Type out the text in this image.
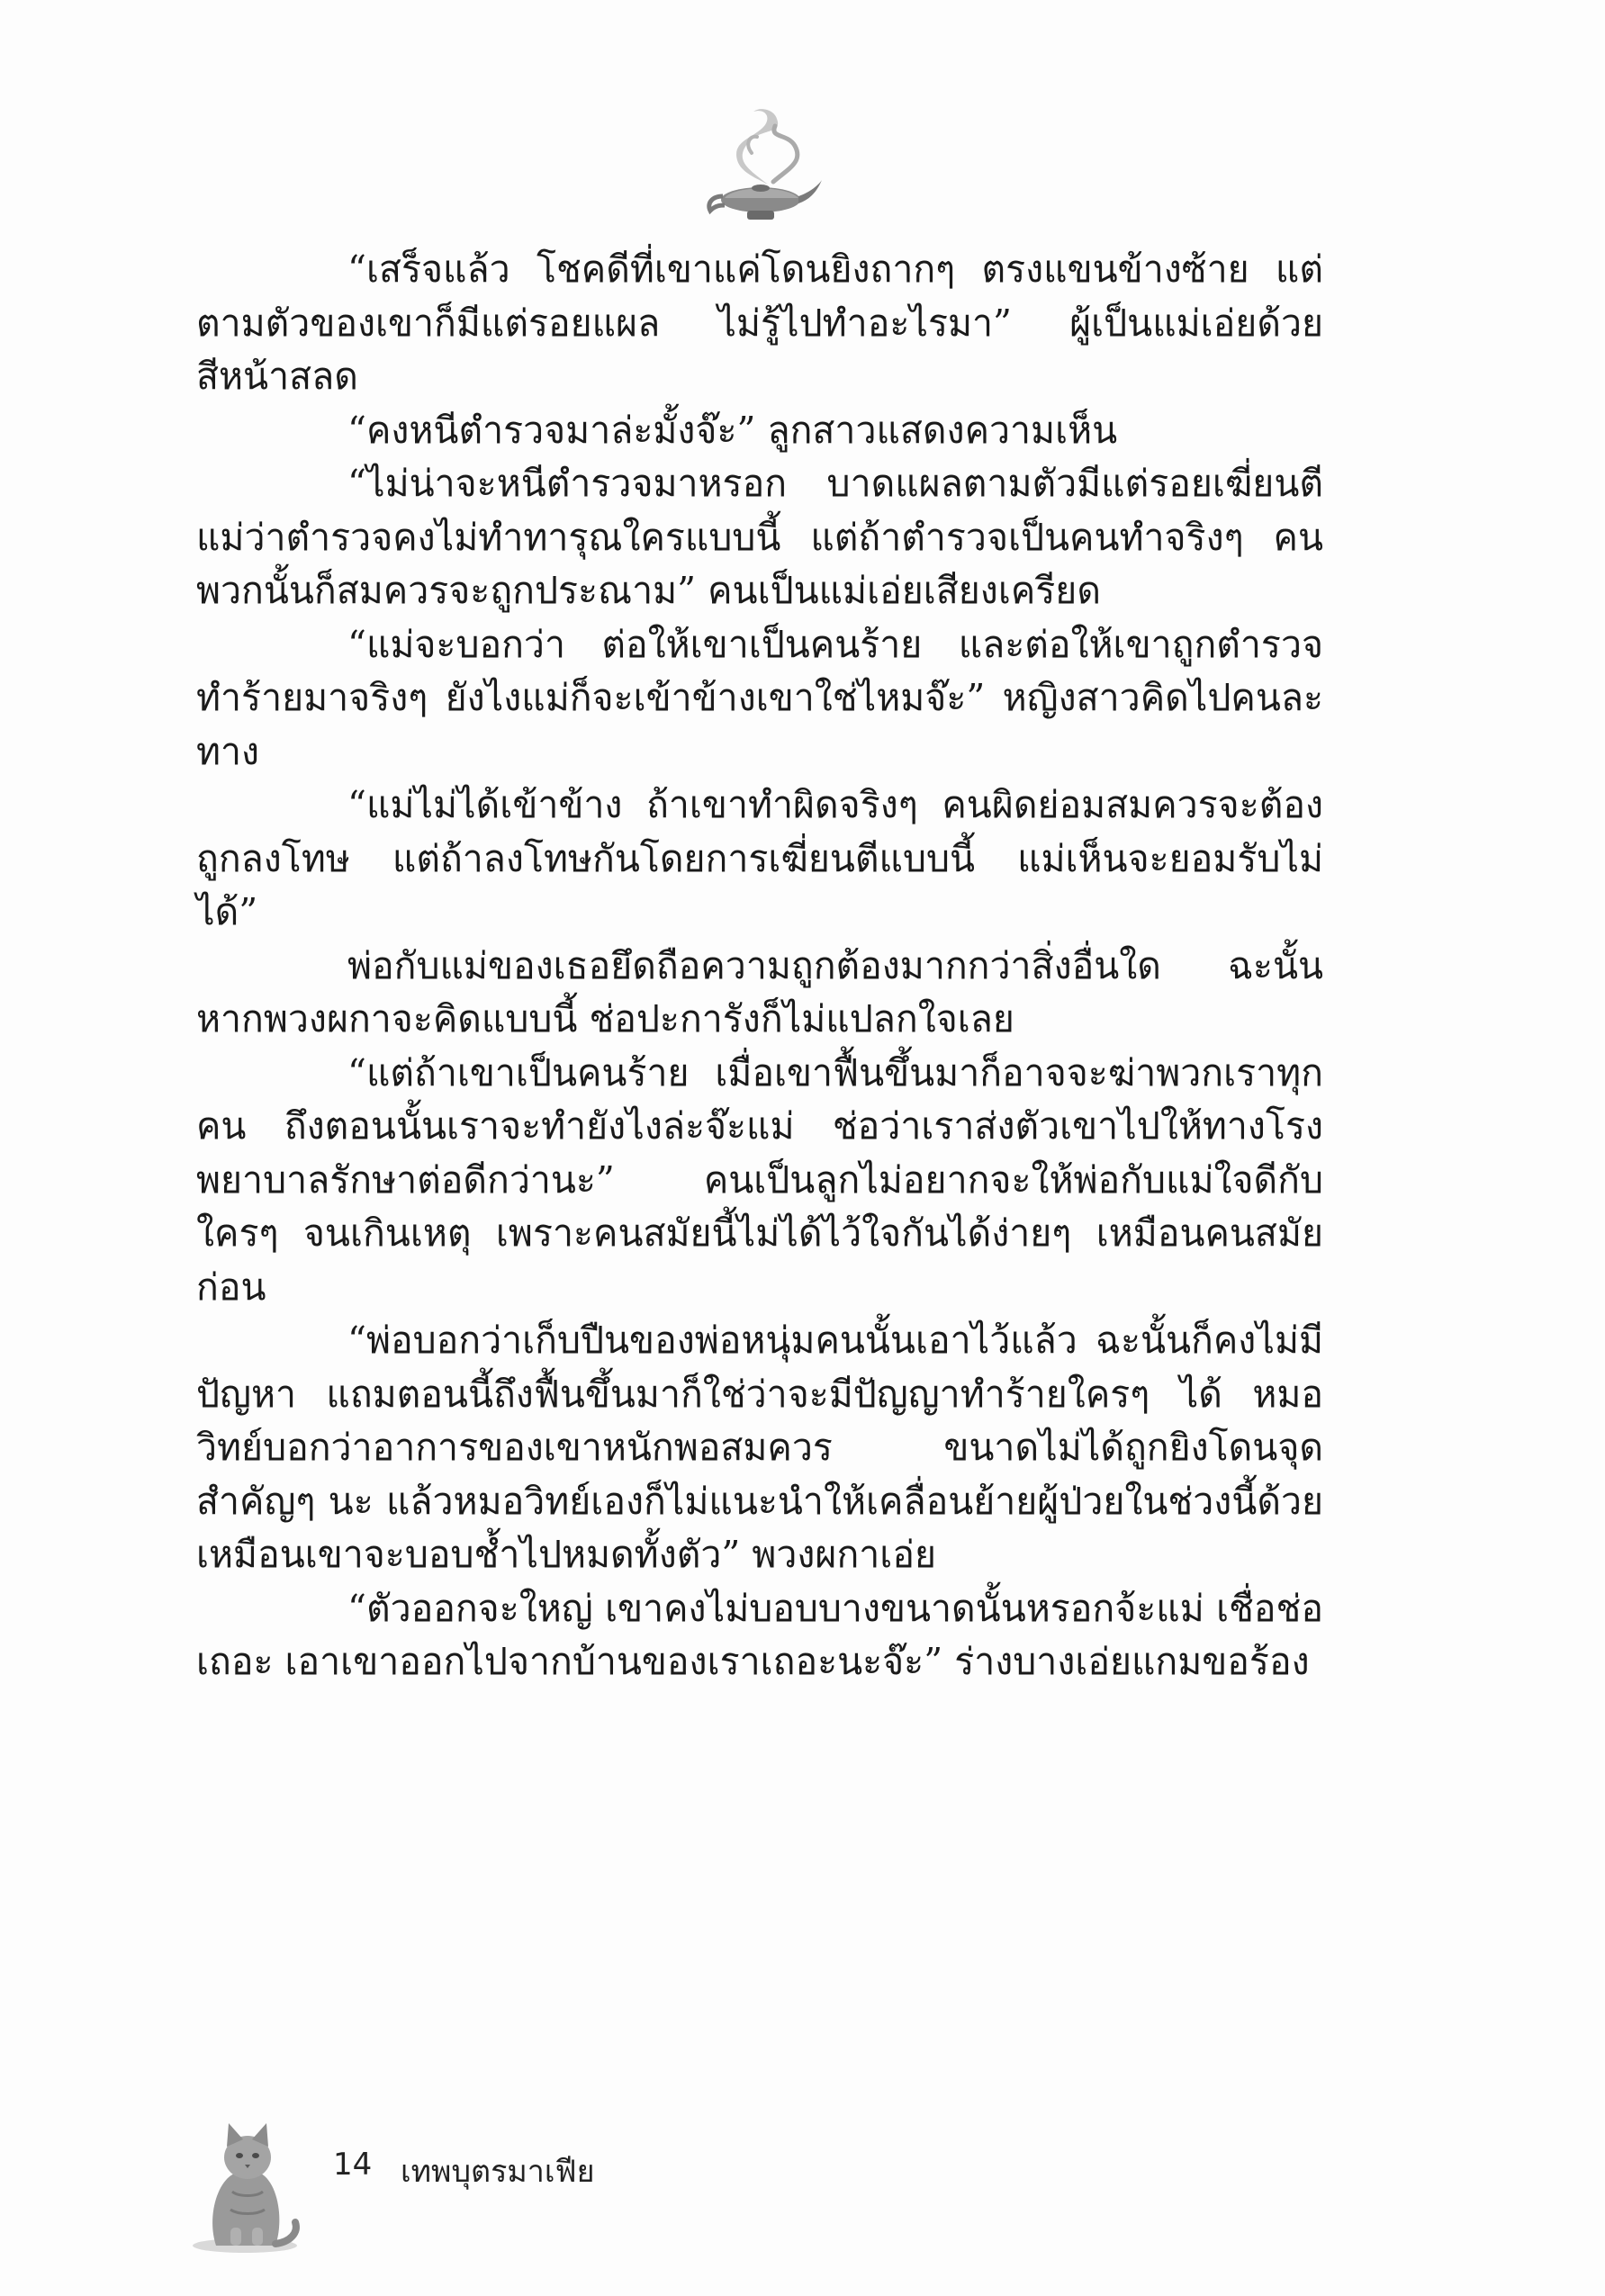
“เสร็จแล้ว โชคดีที่เขาแค่โดนยิงถากๆ ตรงแขนข้างซ้าย แต่ตามตัวของเขาก็มีแต่รอยแผล ไม่รู้ไปทำอะไรมา” ผู้เป็นแม่เอ่ยด้วยสีหน้าสลด

“คงหนีตำรวจมาล่ะมั้งจ๊ะ” ลูกสาวแสดงความเห็น

“ไม่น่าจะหนีตำรวจมาหรอก บาดแผลตามตัวมีแต่รอยเฆี่ยนตี แม่ว่าตำรวจคงไม่ทำทารุณใครแบบนี้ แต่ถ้าตำรวจเป็นคนทำจริงๆ คนพวกนั้นก็สมควรจะถูกประณาม” คนเป็นแม่เอ่ยเสียงเครียด

“แม่จะบอกว่า ต่อให้เขาเป็นคนร้าย และต่อให้เขาถูกตำรวจทำร้ายมาจริงๆ ยังไงแม่ก็จะเข้าข้างเขาใช่ไหมจ๊ะ” หญิงสาวคิดไปคนละทาง

“แม่ไม่ได้เข้าข้าง ถ้าเขาทำผิดจริงๆ คนผิดย่อมสมควรจะต้องถูกลงโทษ แต่ถ้าลงโทษกันโดยการเฆี่ยนตีแบบนี้ แม่เห็นจะยอมรับไม่ได้”

พ่อกับแม่ของเธอยึดถือความถูกต้องมากกว่าสิ่งอื่นใด ฉะนั้นหากพวงผกาจะคิดแบบนี้ ช่อปะการังก็ไม่แปลกใจเลย

“แต่ถ้าเขาเป็นคนร้าย เมื่อเขาฟื้นขึ้นมาก็อาจจะฆ่าพวกเราทุกคน ถึงตอนนั้นเราจะทำยังไงล่ะจ๊ะแม่ ช่อว่าเราส่งตัวเขาไปให้ทางโรงพยาบาลรักษาต่อดีกว่านะ” คนเป็นลูกไม่อยากจะให้พ่อกับแม่ใจดีกับใครๆ จนเกินเหตุ เพราะคนสมัยนี้ไม่ได้ไว้ใจกันได้ง่ายๆ เหมือนคนสมัยก่อน

“พ่อบอกว่าเก็บปืนของพ่อหนุ่มคนนั้นเอาไว้แล้ว ฉะนั้นก็คงไม่มีปัญหา แถมตอนนี้ถึงฟื้นขึ้นมาก็ใช่ว่าจะมีปัญญาทำร้ายใครๆ ได้ หมอวิทย์บอกว่าอาการของเขาหนักพอสมควร ขนาดไม่ได้ถูกยิงโดนจุดสำคัญๆ นะ แล้วหมอวิทย์เองก็ไม่แนะนำให้เคลื่อนย้ายผู้ป่วยในช่วงนี้ด้วย เหมือนเขาจะบอบช้ำไปหมดทั้งตัว” พวงผกาเอ่ย

“ตัวออกจะใหญ่ เขาคงไม่บอบบางขนาดนั้นหรอกจ้ะแม่ เชื่อช่อเถอะ เอาเขาออกไปจากบ้านของเราเถอะนะจ๊ะ” ร่างบางเอ่ยแกมขอร้อง

14 เทพบุตรมาเฟีย
